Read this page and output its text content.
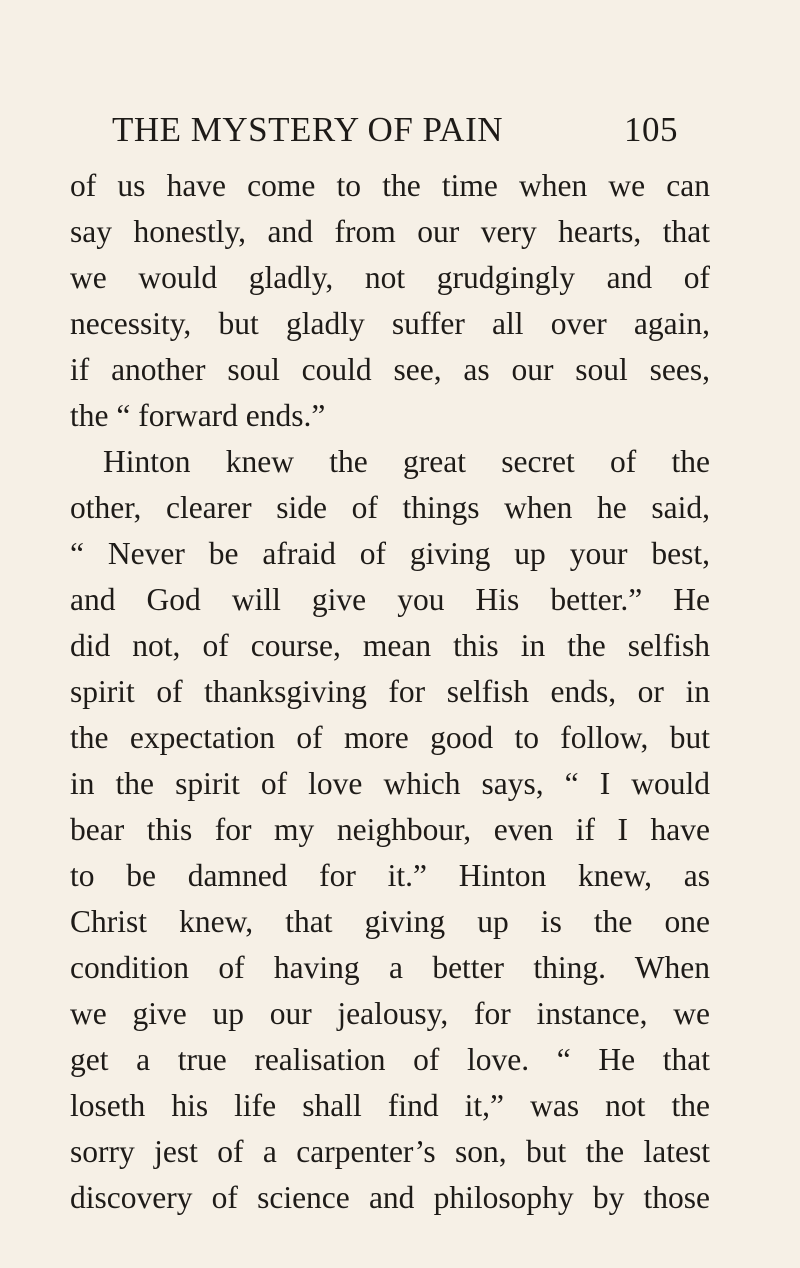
THE MYSTERY OF PAIN	105
of us have come to the time when we can
say honestly, and from our very hearts, that
we would gladly, not grudgingly and of
necessity, but gladly suffer all over again,
if another soul could see, as our soul sees,
the “ forward ends.”
Hinton knew the great secret of the
other, clearer side of things when he said,
“ Never be afraid of giving up your best,
and God will give you His better.” He
did not, of course, mean this in the selfish
spirit of thanksgiving for selfish ends, or in
the expectation of more good to follow, but
in the spirit of love which says, “ I would
bear this for my neighbour, even if I have
to be damned for it.” Hinton knew, as
Christ knew, that giving up is the one
condition of having a better thing. When
we give up our jealousy, for instance, we
get a true realisation of love. “ He that
loseth his life shall find it,” was not the
sorry jest of a carpenter’s son, but the latest
discovery of science and philosophy by those
